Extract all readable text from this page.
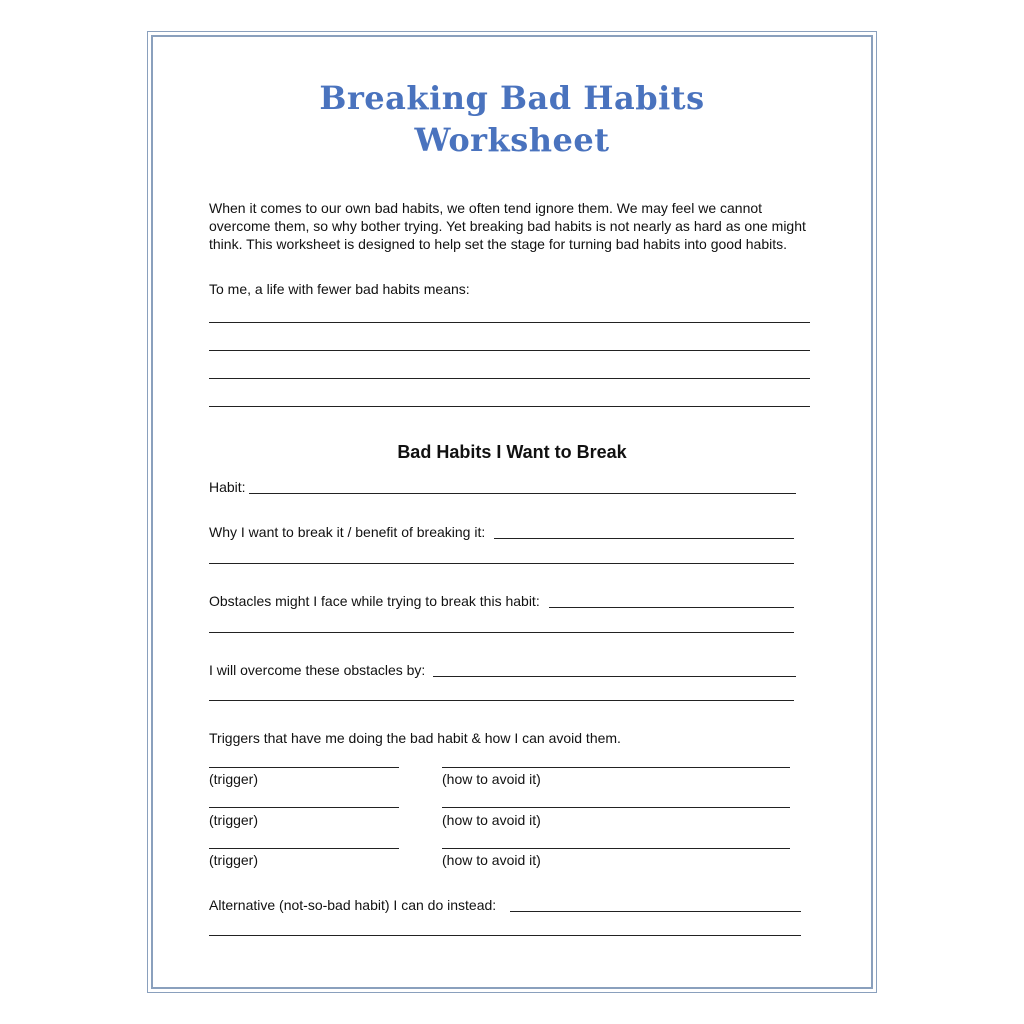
Breaking Bad Habits
Worksheet

When it comes to our own bad habits, we often tend ignore them. We may feel we cannot overcome them, so why bother trying. Yet breaking bad habits is not nearly as hard as one might think. This worksheet is designed to help set the stage for turning bad habits into good habits.

To me, a life with fewer bad habits means:

Bad Habits I Want to Break

Habit:

Why I want to break it / benefit of breaking it:

Obstacles might I face while trying to break this habit:

I will overcome these obstacles by:

Triggers that have me doing the bad habit & how I can avoid them.

(trigger)	(how to avoid it)

(trigger)	(how to avoid it)

(trigger)	(how to avoid it)

Alternative (not-so-bad habit) I can do instead:
